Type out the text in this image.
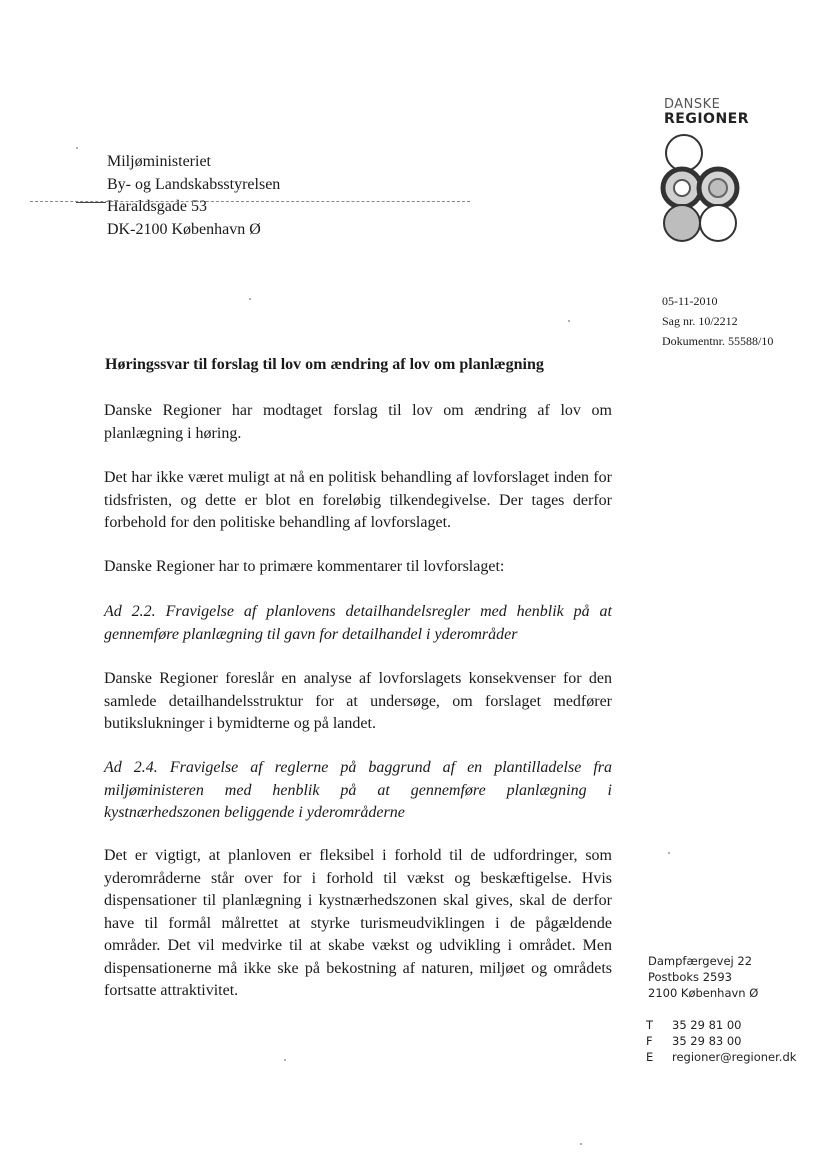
Miljøministeriet
By- og Landskabsstyrelsen
Haraldsgade 53
DK-2100 København Ø
DANSKE
REGIONER
05-11-2010
Sag nr. 10/2212
Dokumentnr. 55588/10
Høringssvar til forslag til lov om ændring af lov om planlægning
Danske Regioner har modtaget forslag til lov om ændring af lov om planlægning i høring.
Det har ikke været muligt at nå en politisk behandling af lovforslaget inden for tidsfristen, og dette er blot en foreløbig tilkendegivelse. Der tages derfor forbehold for den politiske behandling af lovforslaget.
Danske Regioner har to primære kommentarer til lovforslaget:
Ad 2.2. Fravigelse af planlovens detailhandelsregler med henblik på at gennemføre planlægning til gavn for detailhandel i yderområder
Danske Regioner foreslår en analyse af lovforslagets konsekvenser for den samlede detailhandelsstruktur for at undersøge, om forslaget medfører butikslukninger i bymidterne og på landet.
Ad 2.4. Fravigelse af reglerne på baggrund af en plantilladelse fra miljøministeren med henblik på at gennemføre planlægning i kystnærhedszonen beliggende i yderområderne
Det er vigtigt, at planloven er fleksibel i forhold til de udfordringer, som yderområderne står over for i forhold til vækst og beskæftigelse. Hvis dispensationer til planlægning i kystnærhedszonen skal gives, skal de derfor have til formål målrettet at styrke turismeudviklingen i de pågældende områder. Det vil medvirke til at skabe vækst og udvikling i området. Men dispensationerne må ikke ske på bekostning af naturen, miljøet og områdets fortsatte attraktivitet.
Dampfærgevej 22
Postboks 2593
2100 København Ø
T 35 29 81 00
F 35 29 83 00
E regioner@regioner.dk
